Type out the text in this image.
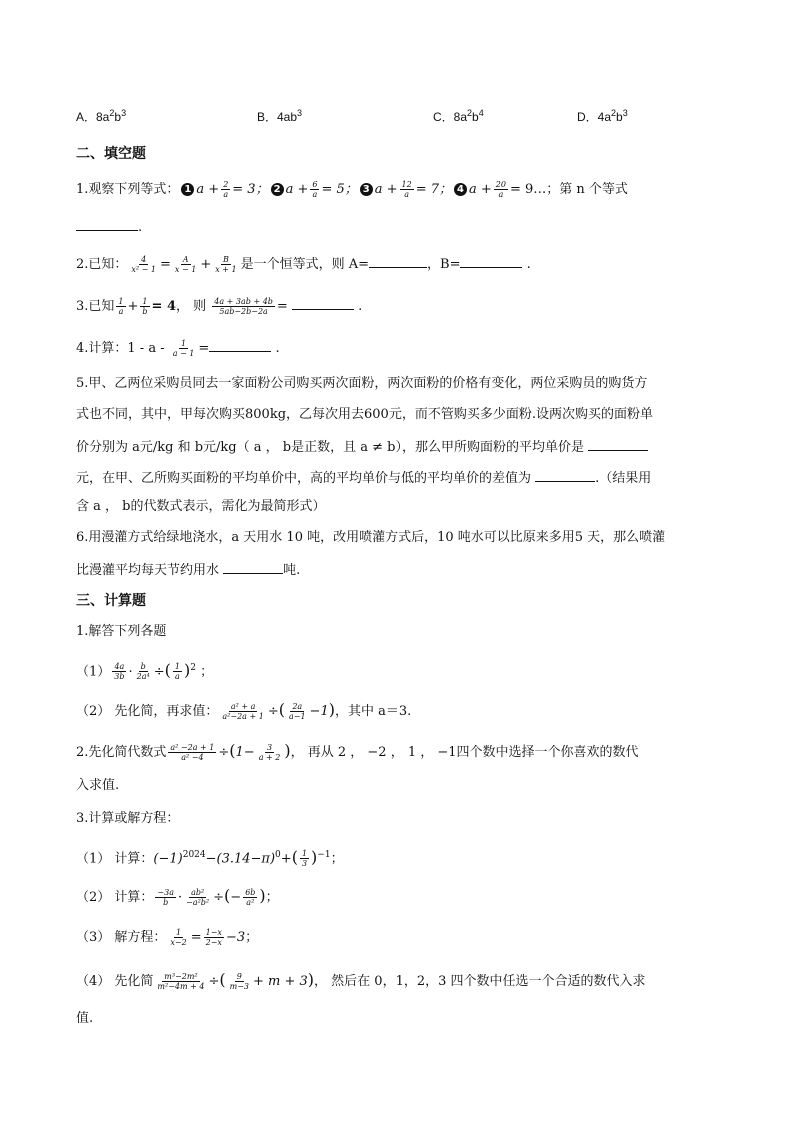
A．$8a^2b^3$	B．$4ab^3$	C．$8a^2b^4$	D．$4a^2b^3$
二、填空题
1.观察下列等式： 1 $a + \frac{2}{a} = 3$； 2 $a + \frac{6}{a} = 5$； 3 $a + \frac{12}{a} = 7$； 4 $a + \frac{20}{a}$ = 9…；第 n 个等式
.
2.已知： $\frac{4}{\text{x² − 1}} = \frac{A}{x - 1} + \frac{B}{x + 1}$ 是一个恒等式，则 A=	，B=	.
3.已知 $\frac{1}{a} + \frac{1}{b} = 4$， 则 $\frac{4a + 3ab + 4b}{5ab-2b-2a}$ =	.
4.计算：1 - a - $\frac{1}{a - 1}$ =	.
5.甲、乙两位采购员同去一家面粉公司购买两次面粉，两次面粉的价格有变化，两位采购员的购货方
式也不同，其中，甲每次购买800kg，乙每次用去600元，而不管购买多少面粉.设两次购买的面粉单
价分别为 a元/kg 和 b元/kg（ a ， b是正数，且 a ≠ b），那么甲所购面粉的平均单价是
元，在甲、乙所购买面粉的平均单价中，高的平均单价与低的平均单价的差值为	.（结果用
含 a ， b的代数式表示，需化为最简形式）
6.用漫灌方式给绿地浇水，a 天用水 10 吨，改用喷灌方式后，10 吨水可以比原来多用5 天，那么喷灌
比漫灌平均每天节约用水	吨.
三、计算题
1.解答下列各题
$(1) \frac{4a}{3b} \cdot \frac{b}{\text{2a⁴}}$ ÷( $\frac{1}{a} )^2$ ；
（2） 先化简，再求值： $\frac{\text{a² + a}}{\text{a²−2a + 1}}$ ÷( $\frac{2a}{a-1} -1$)，其中 a＝3.
2.先化简代数式 $\frac{\text{a² −2a + 1}}{\text{a² −4}} \div(1- \frac{3}{a + 2}$ )， 再从 2 ， −2 ， 1 ， −1四个数中选择一个你喜欢的数代
入求值.
3.计算或解方程：
（1） 计算：$(-1)^{2024}-(3.14-\pi)^0+( \frac{1}{3} )^{-1}$；
（2） 计算： $\frac{-3a}{b} \cdot \frac{\text{ab²}}{\text{−a²b²}}$ ÷(− $\frac{6b}{\text{a²}}$ )；
（3） 解方程： $\frac{1}{x-2} = \frac{1-x}{2-x} -3$；
（4） 先化简 $\frac{\text{m³−2m²}}{\text{m²−4m + 4}}$ ÷( $\frac{9}{m-3} + m + 3$)， 然后在 0，1，2，3 四个数中任选一个合适的数代入求
值.
